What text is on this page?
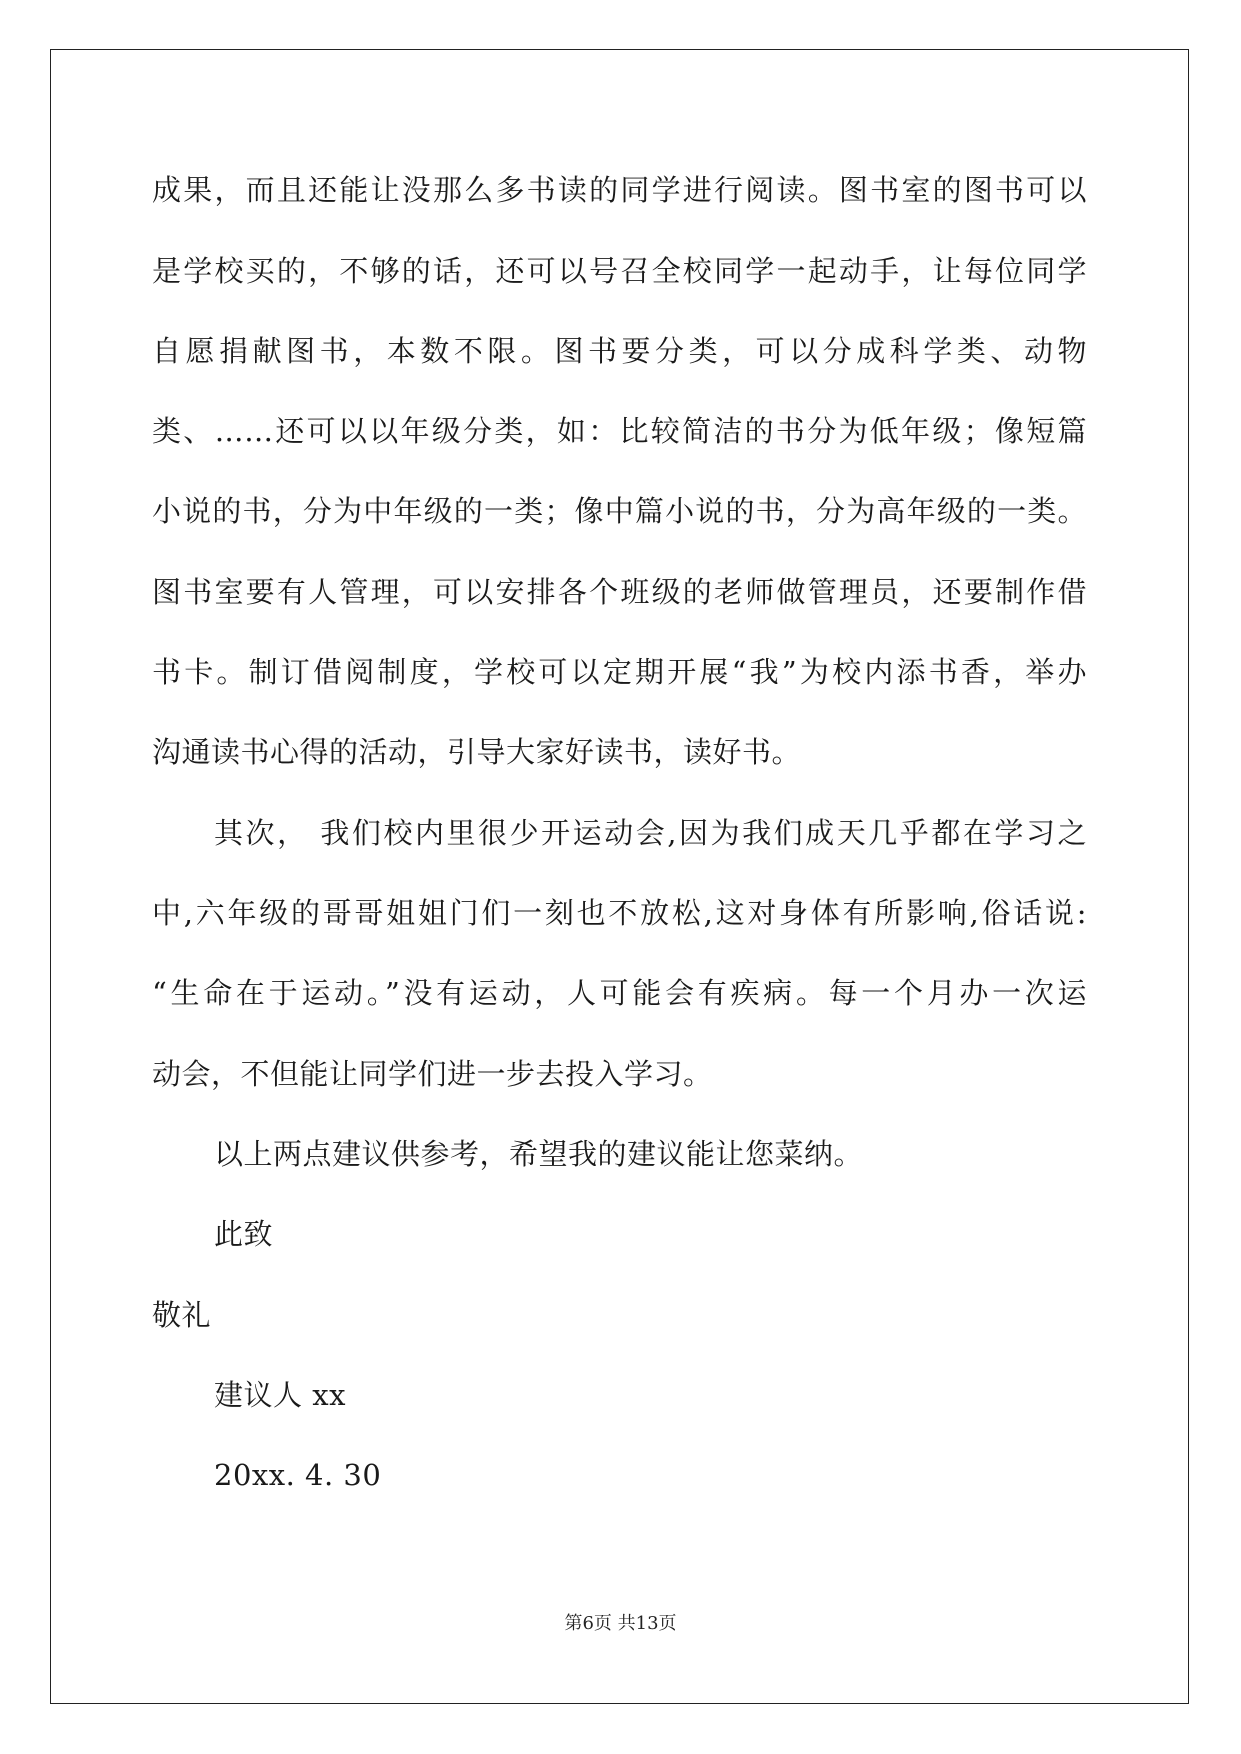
成果，而且还能让没那么多书读的同学进行阅读。图书室的图书可以
是学校买的，不够的话，还可以号召全校同学一起动手，让每位同学
自愿捐献图书，本数不限。图书要分类，可以分成科学类、动物
类、……还可以以年级分类，如：比较简洁的书分为低年级；像短篇
小说的书，分为中年级的一类；像中篇小说的书，分为高年级的一类。
图书室要有人管理，可以安排各个班级的老师做管理员，还要制作借
书卡。制订借阅制度，学校可以定期开展“我”为校内添书香，举办
沟通读书心得的活动，引导大家好读书，读好书。
其次， 我们校内里很少开运动会,因为我们成天几乎都在学习之
中,六年级的哥哥姐姐门们一刻也不放松,这对身体有所影响,俗话说:
“生命在于运动。”没有运动，人可能会有疾病。每一个月办一次运
动会，不但能让同学们进一步去投入学习。
以上两点建议供参考，希望我的建议能让您菜纳。
此致
敬礼
建议人 xx
20xx. 4. 30
第6页 共13页
